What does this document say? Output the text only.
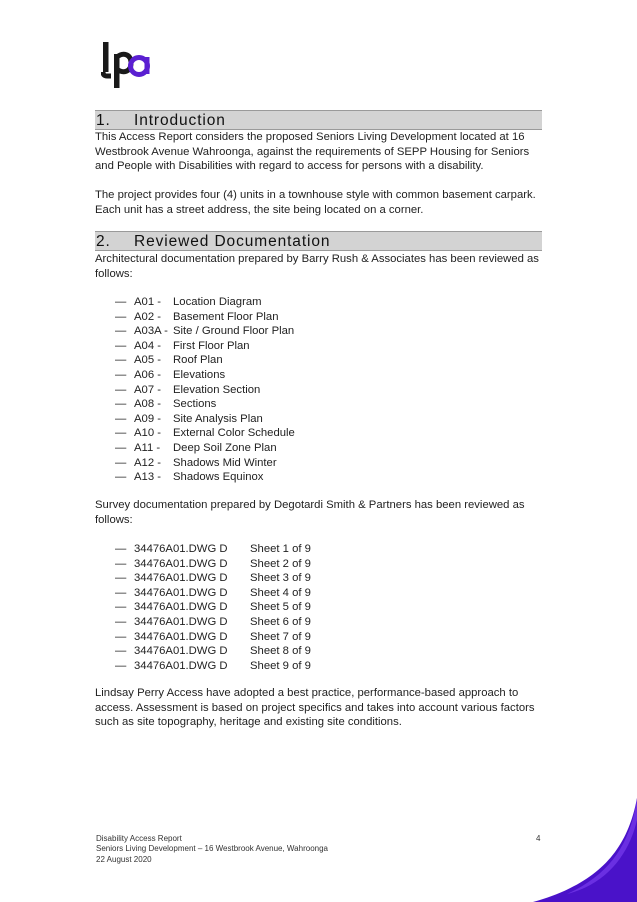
1. Introduction

This Access Report considers the proposed Seniors Living Development located at 16 Westbrook Avenue Wahroonga, against the requirements of SEPP Housing for Seniors and People with Disabilities with regard to access for persons with a disability.

The project provides four (4) units in a townhouse style with common basement carpark. Each unit has a street address, the site being located on a corner.

2. Reviewed Documentation

Architectural documentation prepared by Barry Rush & Associates has been reviewed as follows:

— A01 - Location Diagram
— A02 - Basement Floor Plan
— A03A - Site / Ground Floor Plan
— A04 - First Floor Plan
— A05 - Roof Plan
— A06 - Elevations
— A07 - Elevation Section
— A08 - Sections
— A09 - Site Analysis Plan
— A10 - External Color Schedule
— A11 - Deep Soil Zone Plan
— A12 - Shadows Mid Winter
— A13 - Shadows Equinox

Survey documentation prepared by Degotardi Smith & Partners has been reviewed as follows:

— 34476A01.DWG D Sheet 1 of 9
— 34476A01.DWG D Sheet 2 of 9
— 34476A01.DWG D Sheet 3 of 9
— 34476A01.DWG D Sheet 4 of 9
— 34476A01.DWG D Sheet 5 of 9
— 34476A01.DWG D Sheet 6 of 9
— 34476A01.DWG D Sheet 7 of 9
— 34476A01.DWG D Sheet 8 of 9
— 34476A01.DWG D Sheet 9 of 9

Lindsay Perry Access have adopted a best practice, performance-based approach to access. Assessment is based on project specifics and takes into account various factors such as site topography, heritage and existing site conditions.

Disability Access Report
Seniors Living Development – 16 Westbrook Avenue, Wahroonga
22 August 2020
4
